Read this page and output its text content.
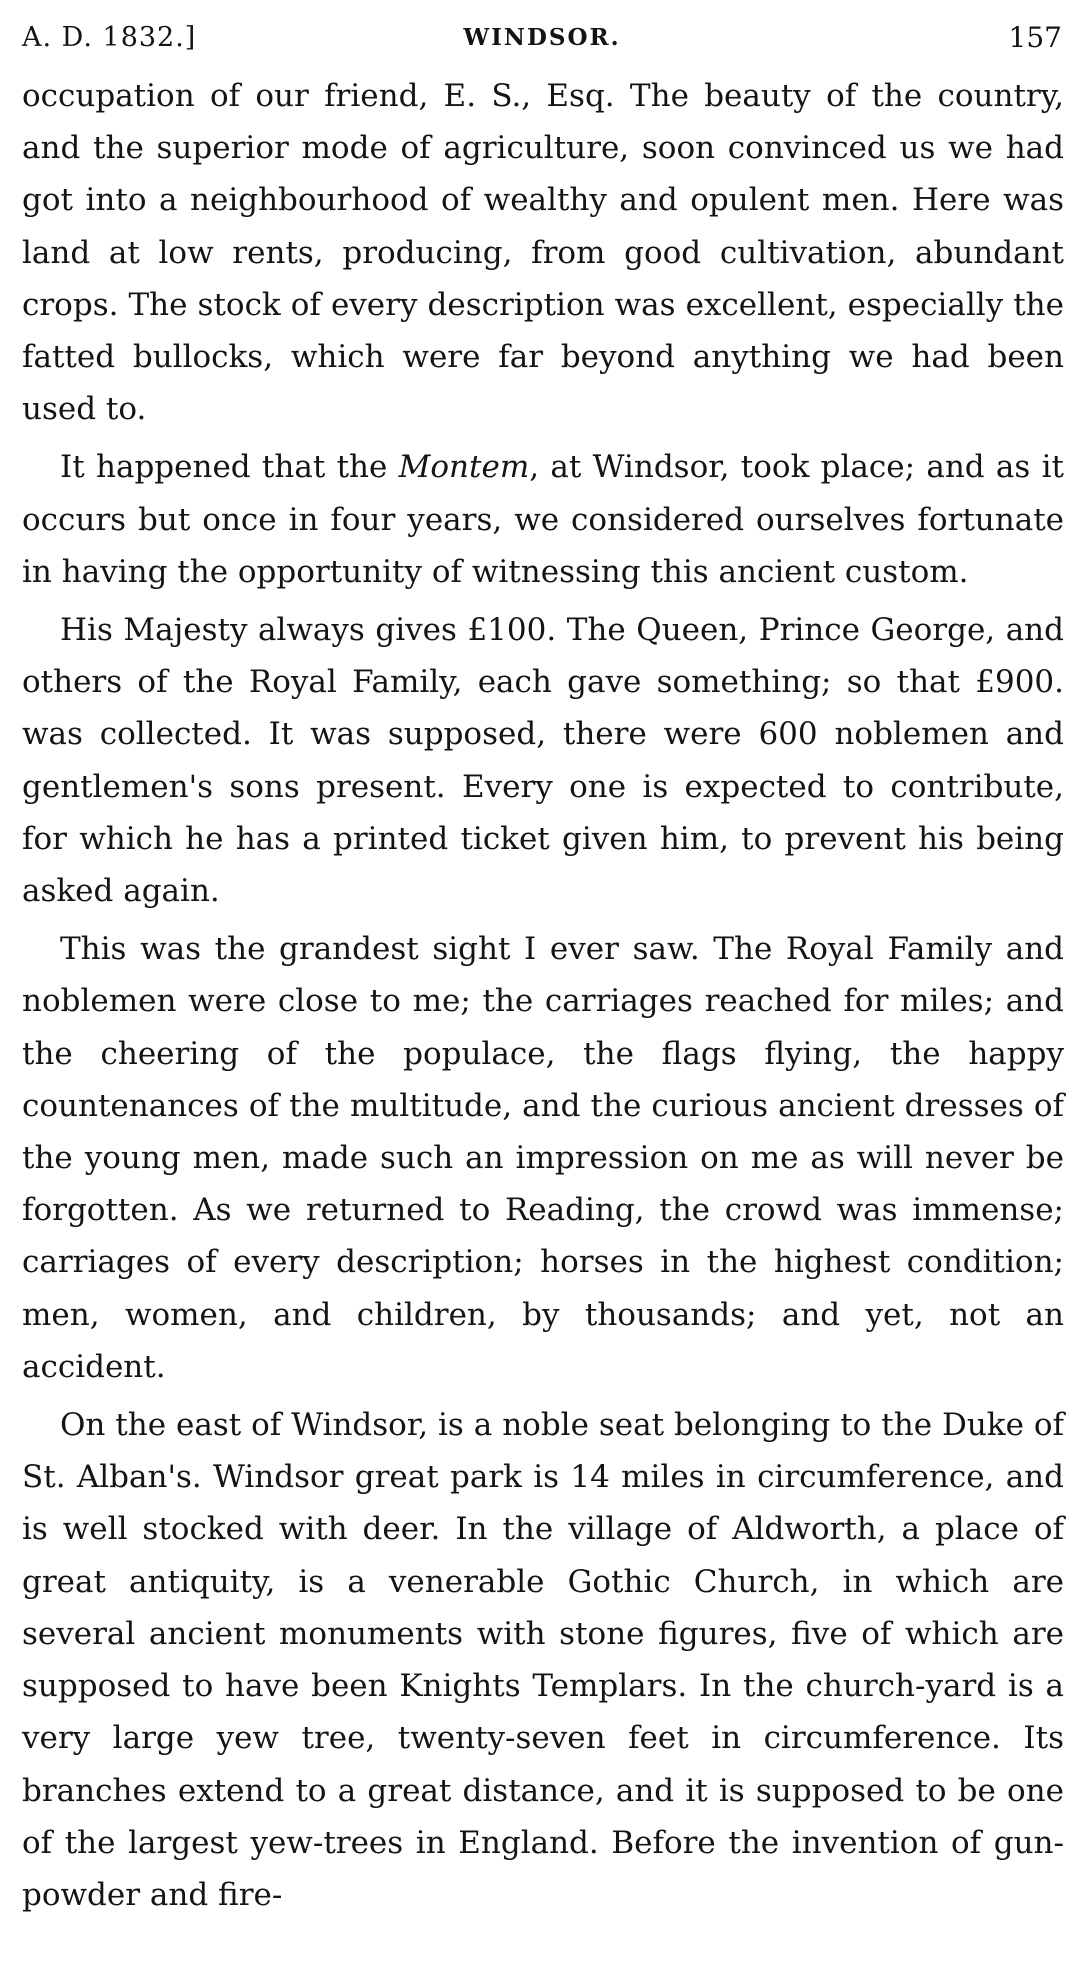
A. D. 1832.]	WINDSOR.	157

occupation of our friend, E. S., Esq. The beauty of the country, and the superior mode of agriculture, soon convinced us we had got into a neighbourhood of wealthy and opulent men. Here was land at low rents, producing, from good cultivation, abundant crops. The stock of every description was excellent, especially the fatted bullocks, which were far beyond anything we had been used to.

It happened that the Montem, at Windsor, took place; and as it occurs but once in four years, we considered ourselves fortunate in having the opportunity of witnessing this ancient custom.

His Majesty always gives £100. The Queen, Prince George, and others of the Royal Family, each gave something; so that £900. was collected. It was supposed, there were 600 noblemen and gentlemen's sons present. Every one is expected to contribute, for which he has a printed ticket given him, to prevent his being asked again.

This was the grandest sight I ever saw. The Royal Family and noblemen were close to me; the carriages reached for miles; and the cheering of the populace, the flags flying, the happy countenances of the multitude, and the curious ancient dresses of the young men, made such an impression on me as will never be forgotten. As we returned to Reading, the crowd was immense; carriages of every description; horses in the highest condition; men, women, and children, by thousands; and yet, not an accident.

On the east of Windsor, is a noble seat belonging to the Duke of St. Alban's. Windsor great park is 14 miles in circumference, and is well stocked with deer. In the village of Aldworth, a place of great antiquity, is a venerable Gothic Church, in which are several ancient monuments with stone figures, five of which are supposed to have been Knights Templars. In the church-yard is a very large yew tree, twenty-seven feet in circumference. Its branches extend to a great distance, and it is supposed to be one of the largest yew-trees in England. Before the invention of gun-powder and fire-
